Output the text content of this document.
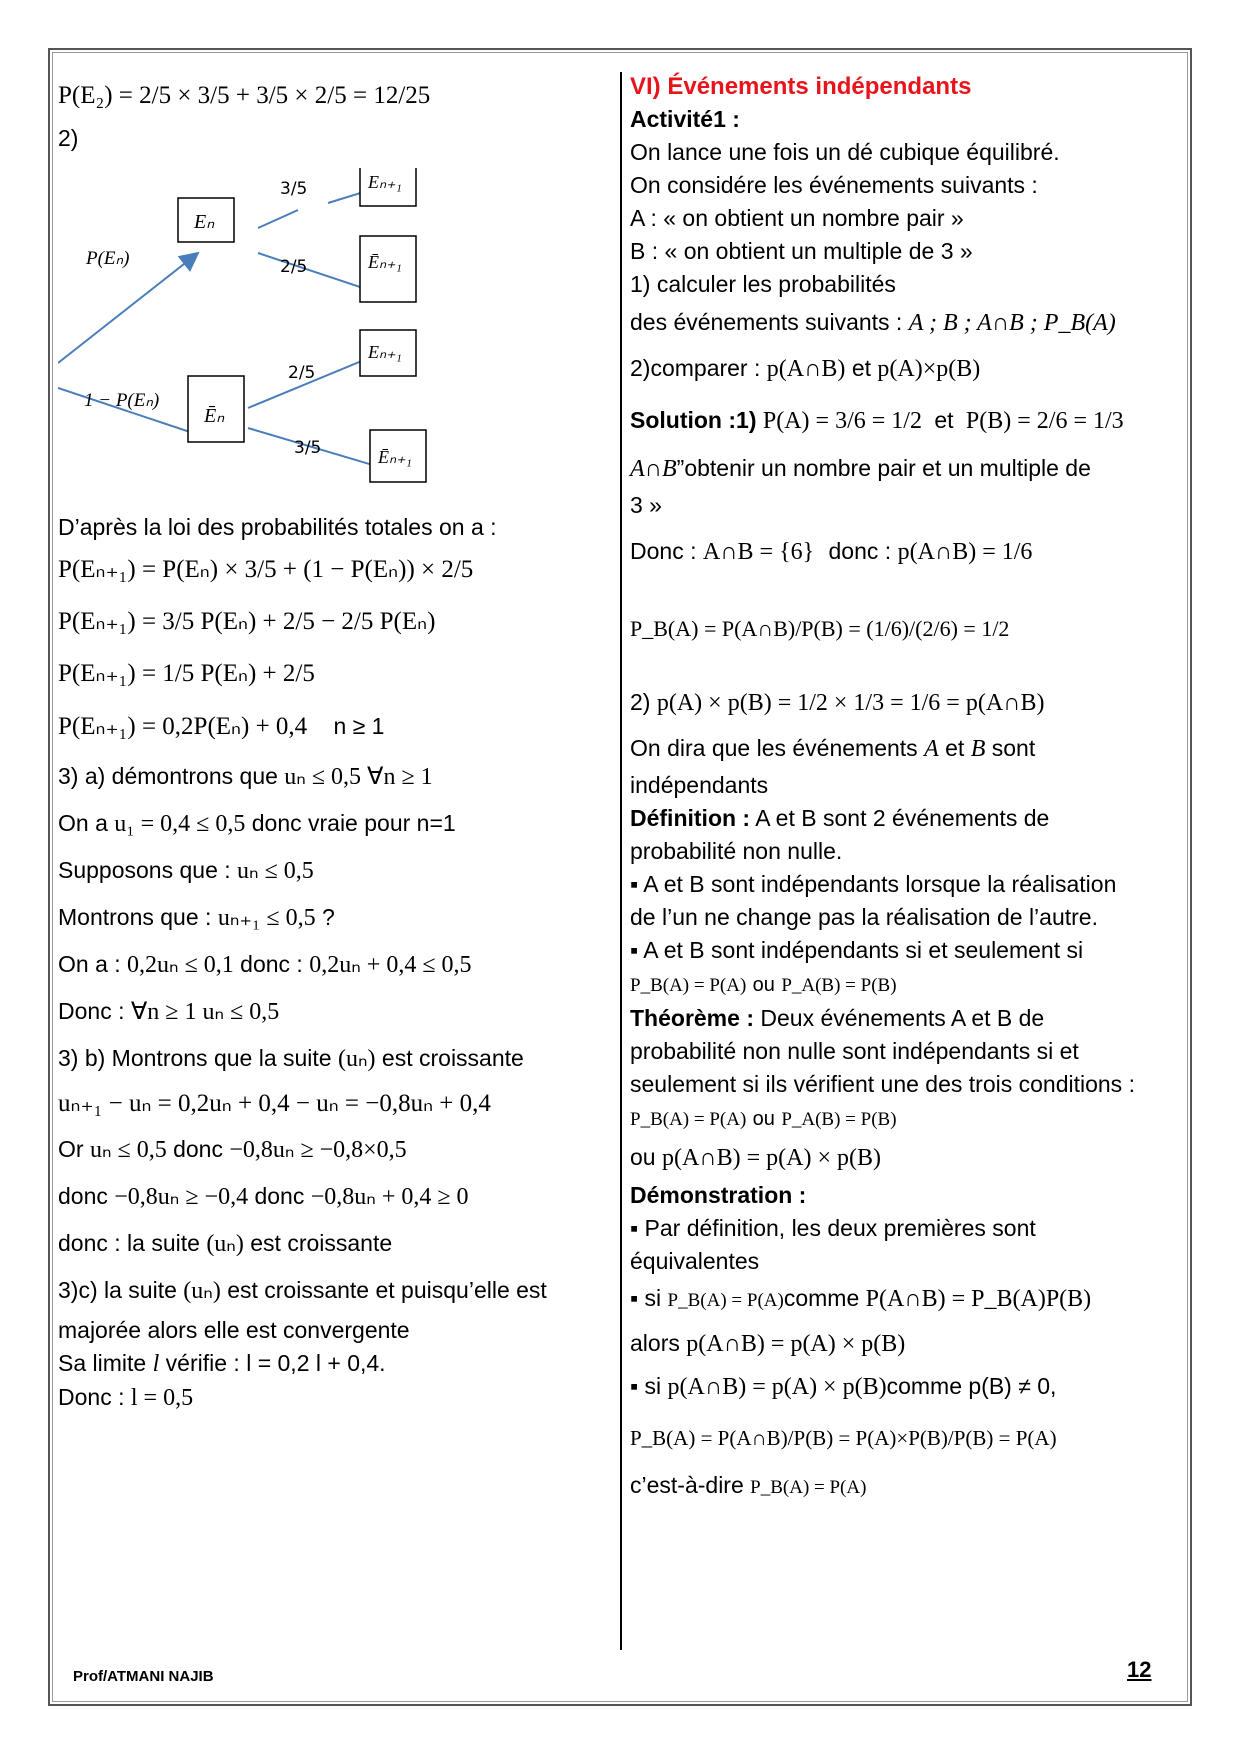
P(E₂) = 2/5 × 3/5 + 3/5 × 2/5 = 12/25
2)
D’après la loi des probabilités totales on a :
P(Eₙ₊₁) = P(Eₙ) × 3/5 + (1 − P(Eₙ)) × 2/5
P(Eₙ₊₁) = 3/5 P(Eₙ) + 2/5 − 2/5 P(Eₙ)
P(Eₙ₊₁) = 1/5 P(Eₙ) + 2/5
P(Eₙ₊₁) = 0,2P(Eₙ) + 0,4 n ≥ 1
3) a) démontrons que uₙ ≤ 0,5 ∀n ≥ 1
On a u₁ = 0,4 ≤ 0,5 donc vraie pour n=1
Supposons que : uₙ ≤ 0,5
Montrons que : uₙ₊₁ ≤ 0,5 ?
On a : 0,2uₙ ≤ 0,1 donc : 0,2uₙ + 0,4 ≤ 0,5
Donc : ∀n ≥ 1 uₙ ≤ 0,5
3) b) Montrons que la suite (uₙ) est croissante
uₙ₊₁ − uₙ = 0,2uₙ + 0,4 − uₙ = −0,8uₙ + 0,4
Or uₙ ≤ 0,5 donc −0,8uₙ ≥ −0,8×0,5
donc −0,8uₙ ≥ −0,4 donc −0,8uₙ + 0,4 ≥ 0
donc : la suite (uₙ) est croissante
3)c) la suite (uₙ) est croissante et puisqu’elle est
majorée alors elle est convergente
Sa limite l vérifie : l = 0,2 l + 0,4.
Donc : l = 0,5
Eₙ
Ēₙ
Eₙ₊₁
Ēₙ₊₁
Eₙ₊₁
Ēₙ₊₁
P(Eₙ)
1 − P(Eₙ)
3/5
2/5
2/5
3/5
VI) Événements indépendants
Activité1 :
On lance une fois un dé cubique équilibré.
On considére les événements suivants :
A : « on obtient un nombre pair »
B : « on obtient un multiple de 3 »
1) calculer les probabilités
des événements suivants : A ; B ; A∩B ; P_B(A)
2)comparer : p(A∩B) et p(A)×p(B)
Solution :1) P(A) = 3/6 = 1/2 et P(B) = 2/6 = 1/3
A∩B”obtenir un nombre pair et un multiple de
3 »
Donc : A∩B = {6} donc : p(A∩B) = 1/6
P_B(A) = P(A∩B)/P(B) = (1/6)/(2/6) = 1/2
2) p(A) × p(B) = 1/2 × 1/3 = 1/6 = p(A∩B)
On dira que les événements A et B sont
indépendants
Définition : A et B sont 2 événements de
probabilité non nulle.
▪ A et B sont indépendants lorsque la réalisation
de l’un ne change pas la réalisation de l’autre.
▪ A et B sont indépendants si et seulement si
P_B(A) = P(A) ou P_A(B) = P(B)
Théorème : Deux événements A et B de
probabilité non nulle sont indépendants si et
seulement si ils vérifient une des trois conditions :
P_B(A) = P(A) ou P_A(B) = P(B)
ou p(A∩B) = p(A) × p(B)
Démonstration :
▪ Par définition, les deux premières sont
équivalentes
▪ si P_B(A) = P(A)comme P(A∩B) = P_B(A)P(B)
alors p(A∩B) = p(A) × p(B)
▪ si p(A∩B) = p(A) × p(B)comme p(B) ≠ 0,
P_B(A) = P(A∩B)/P(B) = P(A)×P(B)/P(B) = P(A)
c’est-à-dire P_B(A) = P(A)
Prof/ATMANI NAJIB	12
